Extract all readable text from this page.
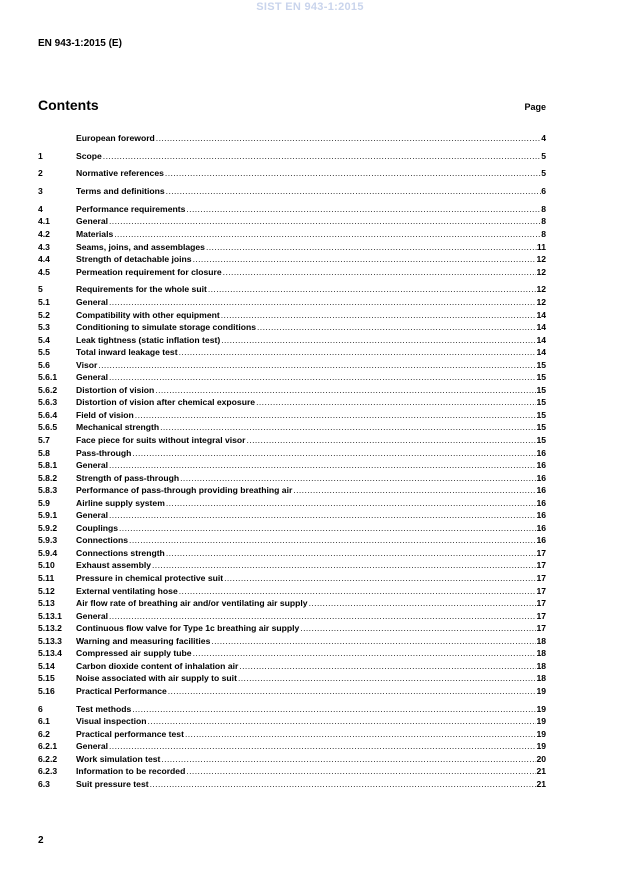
SIST EN 943-1:2015
EN 943-1:2015 (E)
Contents	Page
European foreword .....	4
1	Scope .....	5
2	Normative references .....	5
3	Terms and definitions .....	6
4	Performance requirements .....	8
4.1	General .....	8
4.2	Materials .....	8
4.3	Seams, joins, and assemblages .....	11
4.4	Strength of detachable joins .....	12
4.5	Permeation requirement for closure .....	12
5	Requirements for the whole suit .....	12
5.1	General .....	12
5.2	Compatibility with other equipment .....	14
5.3	Conditioning to simulate storage conditions .....	14
5.4	Leak tightness (static inflation test) .....	14
5.5	Total inward leakage test .....	14
5.6	Visor .....	15
5.6.1	General .....	15
5.6.2	Distortion of vision .....	15
5.6.3	Distortion of vision after chemical exposure .....	15
5.6.4	Field of vision .....	15
5.6.5	Mechanical strength .....	15
5.7	Face piece for suits without integral visor .....	15
5.8	Pass-through .....	16
5.8.1	General .....	16
5.8.2	Strength of pass-through .....	16
5.8.3	Performance of pass-through providing breathing air .....	16
5.9	Airline supply system .....	16
5.9.1	General .....	16
5.9.2	Couplings .....	16
5.9.3	Connections .....	16
5.9.4	Connections strength .....	17
5.10	Exhaust assembly .....	17
5.11	Pressure in chemical protective suit .....	17
5.12	External ventilating hose .....	17
5.13	Air flow rate of breathing air and/or ventilating air supply .....	17
5.13.1	General .....	17
5.13.2	Continuous flow valve for Type 1c breathing air supply .....	17
5.13.3	Warning and measuring facilities .....	18
5.13.4	Compressed air supply tube .....	18
5.14	Carbon dioxide content of inhalation air .....	18
5.15	Noise associated with air supply to suit .....	18
5.16	Practical Performance .....	19
6	Test methods .....	19
6.1	Visual inspection .....	19
6.2	Practical performance test .....	19
6.2.1	General .....	19
6.2.2	Work simulation test .....	20
6.2.3	Information to be recorded .....	21
6.3	Suit pressure test .....	21
2
